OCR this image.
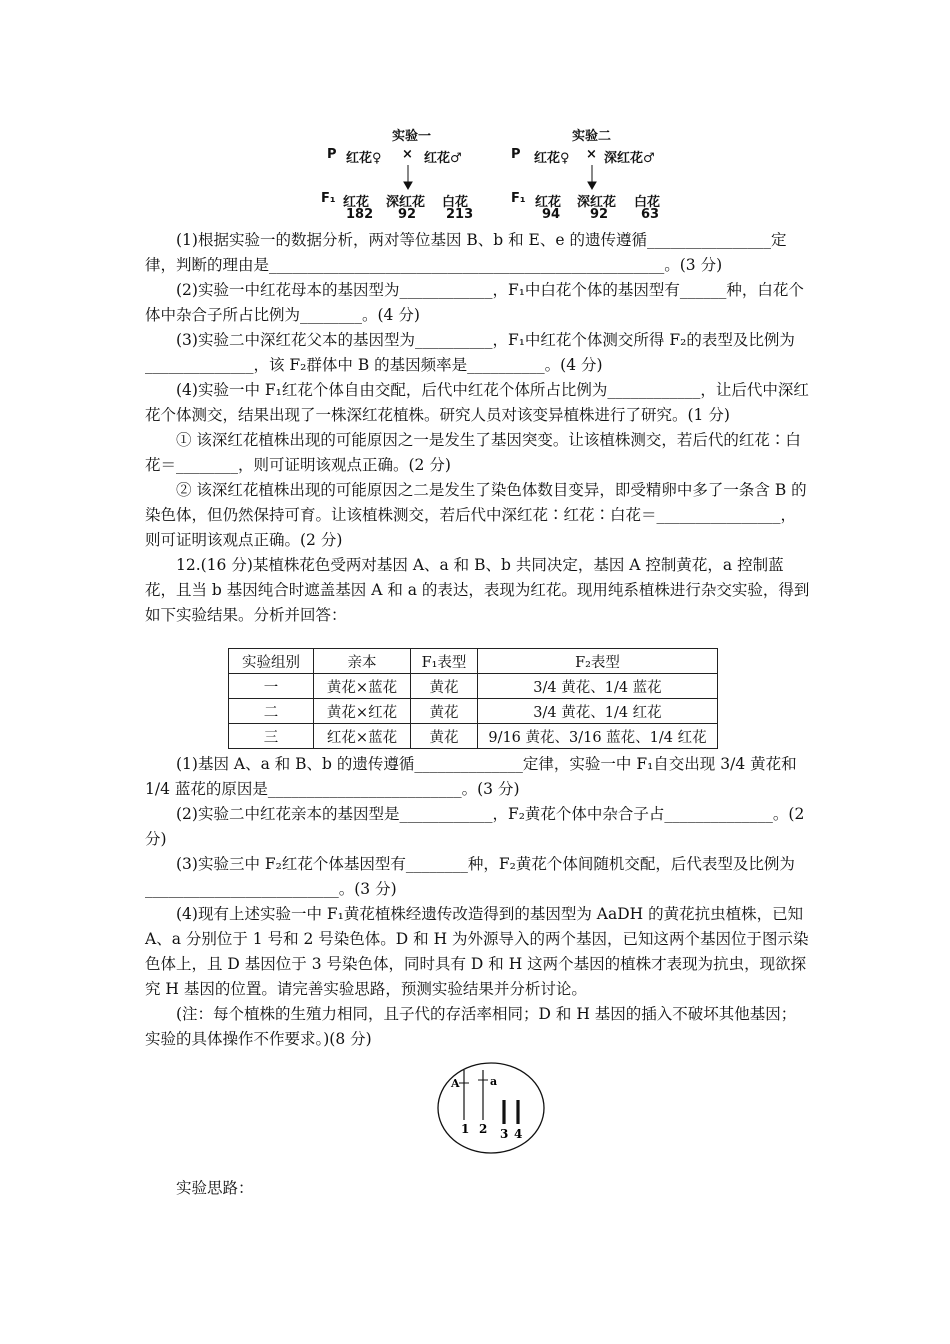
实验一
P 红花♀ × 红花♂
F₁ 红花 深红花 白花
182 92 213
实验二
P 红花♀ × 深红花♂
F₁ 红花 深红花 白花
94 92	63

(1)根据实验一的数据分析，两对等位基因 B、b 和 E、e 的遗传遵循________________定律，判断的理由是___________________________________________________。(3 分)

(2)实验一中红花母本的基因型为____________，F₁中白花个体的基因型有______种，白花个体中杂合子所占比例为________。(4 分)

(3)实验二中深红花父本的基因型为__________，F₁中红花个体测交所得 F₂的表型及比例为______________，该 F₂群体中 B 的基因频率是__________。(4 分)

(4)实验一中 F₁红花个体自由交配，后代中红花个体所占比例为____________，让后代中深红花个体测交，结果出现了一株深红花植株。研究人员对该变异植株进行了研究。(1 分)

① 该深红花植株出现的可能原因之一是发生了基因突变。让该植株测交，若后代的红花∶白花＝________，则可证明该观点正确。(2 分)

② 该深红花植株出现的可能原因之二是发生了染色体数目变异，即受精卵中多了一条含 B 的染色体，但仍然保持可育。让该植株测交，若后代中深红花∶红花∶白花＝________________，则可证明该观点正确。(2 分)

12.(16 分)某植株花色受两对基因 A、a 和 B、b 共同决定，基因 A 控制黄花，a 控制蓝花，且当 b 基因纯合时遮盖基因 A 和 a 的表达，表现为红花。现用纯系植株进行杂交实验，得到如下实验结果。分析并回答：

实验组别	亲本	F₁表型	F₂表型
一	黄花×蓝花	黄花	3/4 黄花、1/4 蓝花
二	黄花×红花	黄花	3/4 黄花、1/4 红花
三	红花×蓝花	黄花	9/16 黄花、3/16 蓝花、1/4 红花

(1)基因 A、a 和 B、b 的遗传遵循______________定律，实验一中 F₁自交出现 3/4 黄花和 1/4 蓝花的原因是_________________________。(3 分)

(2)实验二中红花亲本的基因型是____________，F₂黄花个体中杂合子占______________。(2 分)

(3)实验三中 F₂红花个体基因型有________种，F₂黄花个体间随机交配，后代表型及比例为_________________________。(3 分)

(4)现有上述实验一中 F₁黄花植株经遗传改造得到的基因型为 AaDH 的黄花抗虫植株，已知 A、a 分别位于 1 号和 2 号染色体。D 和 H 为外源导入的两个基因，已知这两个基因位于图示染色体上，且 D 基因位于 3 号染色体，同时具有 D 和 H 这两个基因的植株才表现为抗虫，现欲探究 H 基因的位置。请完善实验思路，预测实验结果并分析讨论。

(注：每个植株的生殖力相同，且子代的存活率相同；D 和 H 基因的插入不破坏其他基因；实验的具体操作不作要求。)(8 分)

A	a
1 2 3 4
实验思路：
